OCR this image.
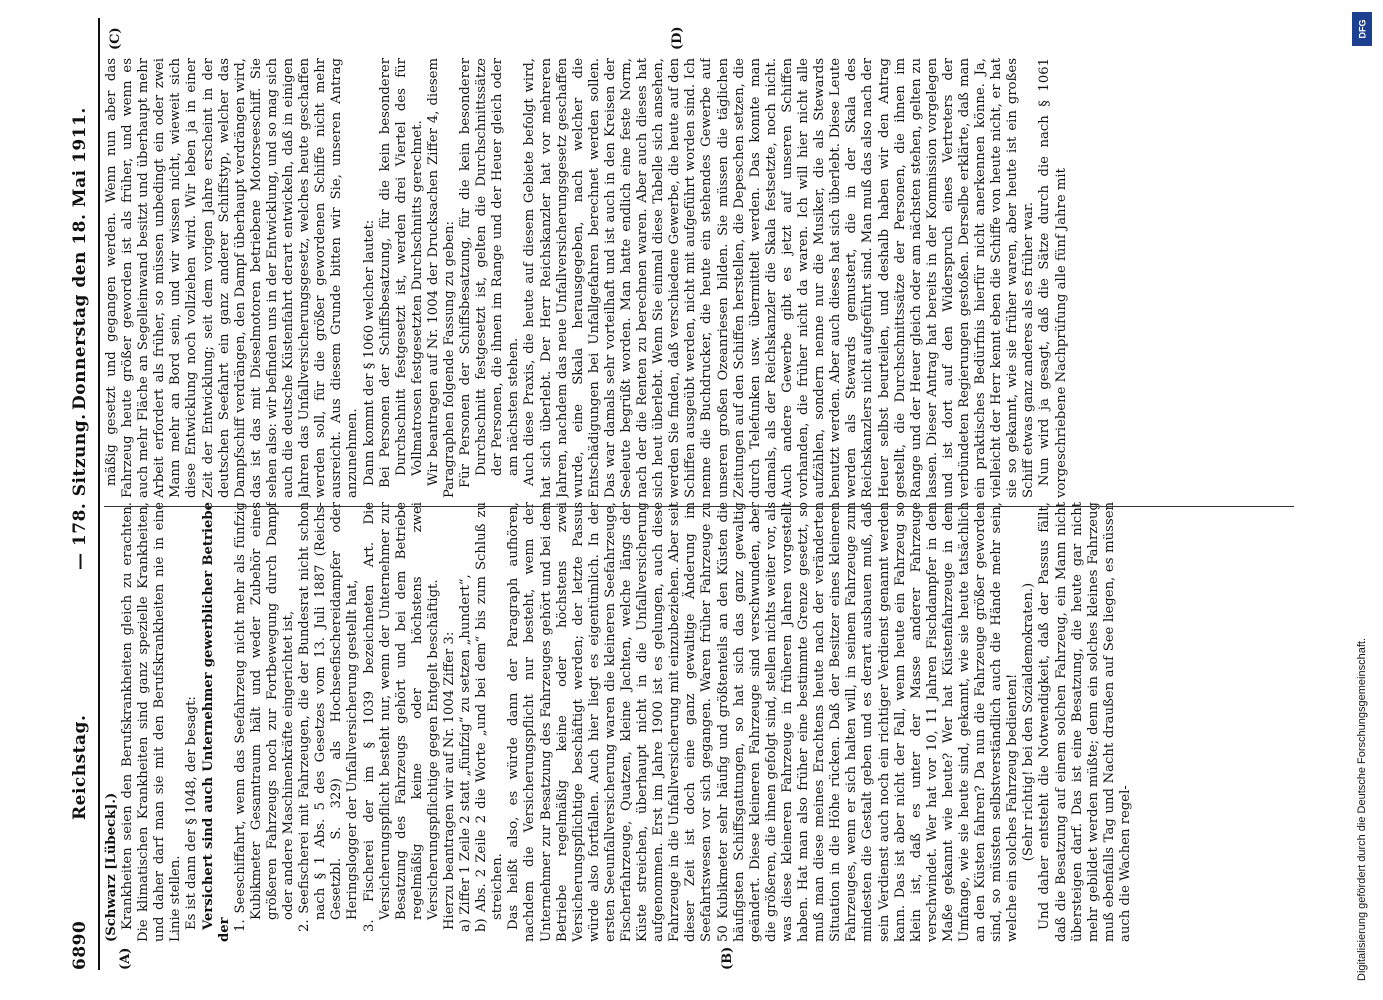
6890
Reichstag.
— 178. Sitzung.
Donnerstag den 18. Mai 1911.
(A)	(B)
(C)	(D)

(Schwarz [Lübeck].) Krankheiten seien den Berufskrankheiten gleich zu erachten. Die klimatischen Krankheiten sind ganz spezielle Krankheiten, und daher darf man sie mit den Berufskrankheiten nie in eine Linie stellen. Es ist dann der § 1048, der besagt: Versichert sind auch Unternehmer gewerblicher Betriebe der 1. Seeschiffahrt, wenn das Seefahrzeug nicht mehr als fünfzig Kubikmeter Gesamtraum hält und weder Zubehör eines größeren Fahrzeugs noch zur Fortbewegung durch Dampf oder andere Maschinenkräfte eingerichtet ist, 2. Seefischerei mit Fahrzeugen, die der Bundesrat nicht schon nach § 1 Abs. 5 des Gesetzes vom 13. Juli 1887 (Reichs-Gesetzbl. S. 329) als Hochseefischereidampfer oder Heringslogger der Unfallversicherung gestellt hat, 3. Fischerei der im § 1039 bezeichneten Art. Die Versicherungspflicht besteht nur, wenn der Unternehmer zur Besatzung des Fahrzeugs gehört und bei dem Betriebe regelmäßig keine oder höchstens zwei Versicherungspflichtige gegen Entgelt beschäftigt. Hierzu beantragen wir auf Nr. 1004 Ziffer 3: a) Ziffer 1 Zeile 2 statt „fünfzig“ zu setzen „hundert“, b) Abs. 2 Zeile 2 die Worte „und bei dem“ bis zum Schluß zu streichen. Das heißt also, es würde dann der Paragraph aufhören, nachdem die Versicherungspflicht nur besteht, wenn der Unternehmer zur Besatzung des Fahrzeuges gehört und bei dem Betriebe regelmäßig keine oder höchstens zwei Versicherungspflichtige beschäftigt werden; der letzte Passus würde also fortfallen. Auch hier liegt es eigentümlich. In der ersten Seeunfallversicherung waren die kleineren Seefahrzeuge, Fischerfahrzeuge, Quatzen, kleine Jachten, welche längs der Küste streichen, überhaupt nicht in die Unfallversicherung aufgenommen. Erst im Jahre 1900 ist es gelungen, auch diese Fahrzeuge in die Unfallversicherung mit einzubeziehen. Aber seit dieser Zeit ist doch eine ganz gewaltige Änderung im Seefahrtswesen vor sich gegangen. Waren früher Fahrzeuge zu 50 Kubikmeter sehr häufig und größtenteils an den Küsten die häufigsten Schiffsgattungen, so hat sich das ganz gewaltig geändert. Diese kleineren Fahrzeuge sind verschwunden, aber die größeren, die ihnen gefolgt sind, stellen nichts weiter vor, als was diese kleineren Fahrzeuge in früheren Jahren vorgestellt haben. Hat man also früher eine bestimmte Grenze gesetzt, so muß man diese meines Erachtens heute nach der veränderten Situation in die Höhe rücken. Daß der Besitzer eines kleineren Fahrzeuges, wenn er sich halten will, in seinem Fahrzeuge zum mindesten die Gestalt geben und es derart ausbauen muß, daß sein Verdienst auch noch ein richtiger Verdienst genannt werden kann. Das ist aber nicht der Fall, wenn heute ein Fahrzeug so klein ist, daß es unter der Masse anderer Fahrzeuge verschwindet. Wer hat vor 10, 11 Jahren Fischdampfer in dem Maße gekannt wie heute? Wer hat Küstenfahrzeuge in dem Umfange, wie sie heute sind, gekannt, wie sie heute tatsächlich an den Küsten fahren? Da nun die Fahrzeuge größer geworden sind, so müssten selbstverständlich auch die Hände mehr sein, welche ein solches Fahrzeug bedienten! (Sehr richtig! bei den Sozialdemokraten.) Und daher entsteht die Notwendigkeit, daß der Passus fällt, daß die Besatzung auf einem solchen Fahrzeug, ein Mann nicht übersteigen darf. Das ist eine Besatzung, die heute gar nicht mehr gebildet werden müßte; denn ein solches kleines Fahrzeug muß ebenfalls Tag und Nacht draußen auf See liegen, es müssen auch die Wachen regel-

mäßig gesetzt und gegangen werden. Wenn nun aber das Fahrzeug heute größer geworden ist als früher, und wenn es auch mehr Fläche an Segelleinwand besitzt und überhaupt mehr Arbeit erfordert als früher, so müssen unbedingt ein oder zwei Mann mehr an Bord sein, und wir wissen nicht, wieweit sich diese Entwicklung noch vollziehen wird. Wir leben ja in einer Zeit der Entwicklung; seit dem vorigen Jahre erscheint in der deutschen Seefahrt ein ganz anderer Schiffstyp, welcher das Dampfschiff verdrängen, den Dampf überhaupt verdrängen wird, das ist das mit Dieselmotoren betriebene Motorseeschiff. Sie sehen also: wir befinden uns in der Entwicklung, und so mag sich auch die deutsche Küstenfahrt derart entwickeln, daß in einigen Jahren das Unfallversicherungsgesetz, welches heute geschaffen werden soll, für die größer gewordenen Schiffe nicht mehr ausreicht. Aus diesem Grunde bitten wir Sie, unseren Antrag anzunehmen. Dann kommt der § 1060 welcher lautet: Bei Personen der Schiffsbesatzung, für die kein besonderer Durchschnitt festgesetzt ist, werden drei Viertel des für Vollmatrosen festgesetzten Durchschnitts gerechnet. Wir beantragen auf Nr. 1004 der Drucksachen Ziffer 4, diesem Paragraphen folgende Fassung zu geben: Für Personen der Schiffsbesatzung, für die kein besonderer Durchschnitt festgesetzt ist, gelten die Durchschnittssätze der Personen, die ihnen im Range und der Heuer gleich oder am nächsten stehen. Auch diese Praxis, die heute auf diesem Gebiete befolgt wird, hat sich überlebt. Der Herr Reichskanzler hat vor mehreren Jahren, nachdem das neue Unfallversicherungsgesetz geschaffen wurde, eine Skala herausgegeben, nach welcher die Entschädigungen bei Unfallgefahren berechnet werden sollen. Das war damals sehr vorteilhaft und ist auch in den Kreisen der Seeleute begrüßt worden. Man hatte endlich eine feste Norm, nach der die Renten zu berechnen waren. Aber auch dieses hat sich heut überlebt. Wenn Sie einmal diese Tabelle sich ansehen, werden Sie finden, daß verschiedene Gewerbe, die heute auf den Schiffen ausgeübt werden, nicht mit aufgeführt worden sind. Ich nenne die Buchdrucker, die heute ein stehendes Gewerbe auf unseren großen Ozeanriesen bilden. Sie müssen die täglichen Zeitungen auf den Schiffen herstellen, die Depeschen setzen, die durch Telefunken usw. übermittelt werden. Das konnte man damals, als der Reichskanzler die Skala festsetzte, noch nicht. Auch andere Gewerbe gibt es jetzt auf unseren Schiffen vorhanden, die früher nicht da waren. Ich will hier nicht alle aufzählen, sondern nenne nur die Musiker, die als Stewards benutzt werden. Aber auch dieses hat sich überlebt. Diese Leute werden als Stewards gemustert, die in der Skala des Reichskanzlers nicht aufgeführt sind. Man muß das also nach der Heuer selbst beurteilen, und deshalb haben wir den Antrag gestellt, die Durchschnittssätze der Personen, die ihnen im Range und der Heuer gleich oder am nächsten stehen, gelten zu lassen. Dieser Antrag hat bereits in der Kommission vorgelegen und ist dort auf den Widerspruch eines Vertreters der verbündeten Regierungen gestoßen. Derselbe erklärte, daß man ein praktisches Bedürfnis hierfür nicht anerkennen könne. Ja, vielleicht der Herr kennt eben die Schiffe von heute nicht, er hat sie so gekannt, wie sie früher waren, aber heute ist ein großes Schiff etwas ganz anderes als es früher war. Nun wird ja gesagt, daß die Sätze durch die nach § 1061 vorgeschriebene Nachprüfung alle fünf Jahre mit

DFG
Digitalisierung gefördert durch die Deutsche Forschungsgemeinschaft.
